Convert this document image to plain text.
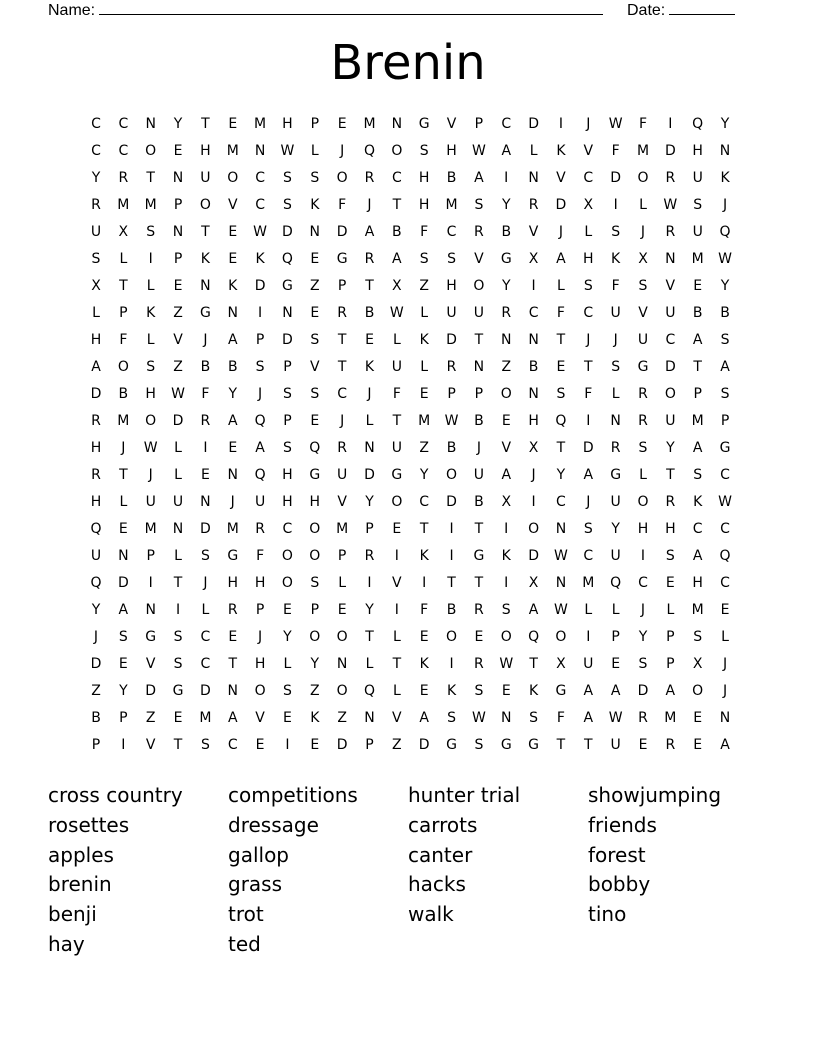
Name:	Date:
Brenin
C	C	N	Y	T	E	M	H	P	E	M	N	G	V	P	C	D	I	J	W	F	I	Q	Y
C	C	O	E	H	M	N	W	L	J	Q	O	S	H	W	A	L	K	V	F	M	D	H	N
Y	R	T	N	U	O	C	S	S	O	R	C	H	B	A	I	N	V	C	D	O	R	U	K
R	M	M	P	O	V	C	S	K	F	J	T	H	M	S	Y	R	D	X	I	L	W	S	J
U	X	S	N	T	E	W	D	N	D	A	B	F	C	R	B	V	J	L	S	J	R	U	Q
S	L	I	P	K	E	K	Q	E	G	R	A	S	S	V	G	X	A	H	K	X	N	M	W
X	T	L	E	N	K	D	G	Z	P	T	X	Z	H	O	Y	I	L	S	F	S	V	E	Y
L	P	K	Z	G	N	I	N	E	R	B	W	L	U	U	R	C	F	C	U	V	U	B	B
H	F	L	V	J	A	P	D	S	T	E	L	K	D	T	N	N	T	J	J	U	C	A	S
A	O	S	Z	B	B	S	P	V	T	K	U	L	R	N	Z	B	E	T	S	G	D	T	A
D	B	H	W	F	Y	J	S	S	C	J	F	E	P	P	O	N	S	F	L	R	O	P	S
R	M	O	D	R	A	Q	P	E	J	L	T	M	W	B	E	H	Q	I	N	R	U	M	P
H	J	W	L	I	E	A	S	Q	R	N	U	Z	B	J	V	X	T	D	R	S	Y	A	G
R	T	J	L	E	N	Q	H	G	U	D	G	Y	O	U	A	J	Y	A	G	L	T	S	C
H	L	U	U	N	J	U	H	H	V	Y	O	C	D	B	X	I	C	J	U	O	R	K	W
Q	E	M	N	D	M	R	C	O	M	P	E	T	I	T	I	O	N	S	Y	H	H	C	C
U	N	P	L	S	G	F	O	O	P	R	I	K	I	G	K	D	W	C	U	I	S	A	Q
Q	D	I	T	J	H	H	O	S	L	I	V	I	T	T	I	X	N	M	Q	C	E	H	C
Y	A	N	I	L	R	P	E	P	E	Y	I	F	B	R	S	A	W	L	L	J	L	M	E
J	S	G	S	C	E	J	Y	O	O	T	L	E	O	E	O	Q	O	I	P	Y	P	S	L
D	E	V	S	C	T	H	L	Y	N	L	T	K	I	R	W	T	X	U	E	S	P	X	J
Z	Y	D	G	D	N	O	S	Z	O	Q	L	E	K	S	E	K	G	A	A	D	A	O	J
B	P	Z	E	M	A	V	E	K	Z	N	V	A	S	W	N	S	F	A	W	R	M	E	N
P	I	V	T	S	C	E	I	E	D	P	Z	D	G	S	G	G	T	T	U	E	R	E	A
cross country	competitions	hunter trial	showjumping
rosettes	dressage	carrots	friends
apples	gallop	canter	forest
brenin	grass	hacks	bobby
benji	trot	walk	tino
hay	ted
